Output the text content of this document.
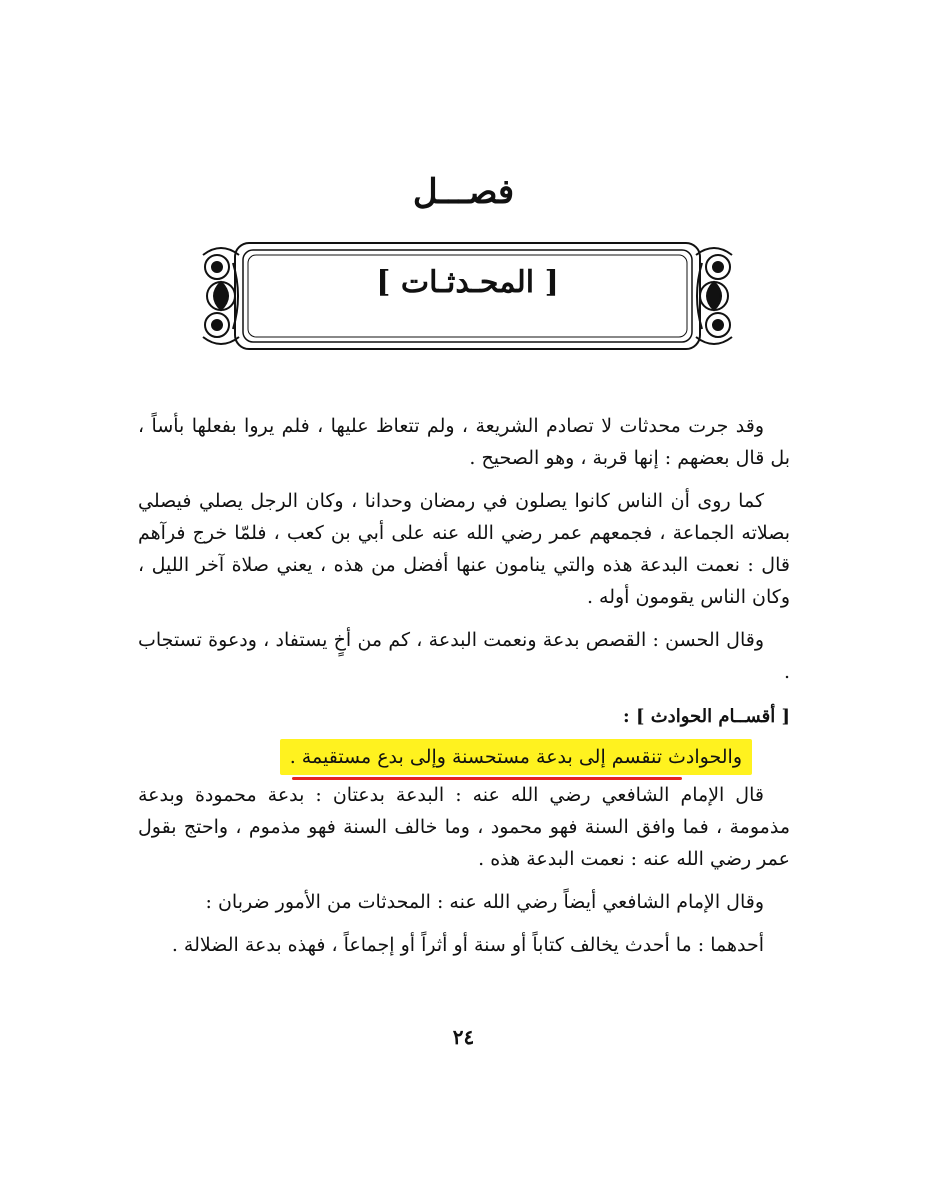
فصـــل
[ المحـدثـات ]

وقد جرت محدثات لا تصادم الشريعة ، ولم تتعاظ عليها ، فلم يروا بفعلها بأساً ، بل قال بعضهم : إنها قربة ، وهو الصحيح .

كما روى أن الناس كانوا يصلون في رمضان وحدانا ، وكان الرجل يصلي فيصلي بصلاته الجماعة ، فجمعهم عمر رضي الله عنه على أبي بن كعب ، فلمّا خرج فرآهم قال : نعمت البدعة هذه والتي ينامون عنها أفضل من هذه ، يعني صلاة آخر الليل ، وكان الناس يقومون أوله .

وقال الحسن : القصص بدعة ونعمت البدعة ، كم من أخٍ يستفاد ، ودعوة تستجاب .

[ أقســام الحوادث ] :
والحوادث تنقسم إلى بدعة مستحسنة وإلى بدع مستقيمة .

قال الإمام الشافعي رضي الله عنه : البدعة بدعتان : بدعة محمودة وبدعة مذمومة ، فما وافق السنة فهو محمود ، وما خالف السنة فهو مذموم ، واحتج بقول عمر رضي الله عنه : نعمت البدعة هذه .

وقال الإمام الشافعي أيضاً رضي الله عنه : المحدثات من الأمور ضربان :

أحدهما : ما أحدث يخالف كتاباً أو سنة أو أثراً أو إجماعاً ، فهذه بدعة الضلالة .

٢٤
